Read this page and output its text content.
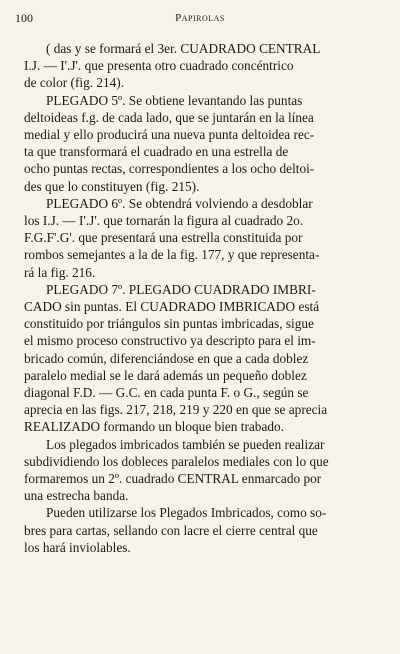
100	Papirolas
( das y se formará el 3er. CUADRADO CENTRAL
I.J. — I'.J'. que presenta otro cuadrado concéntrico
de color (fig. 214).
PLEGADO 5º. Se obtiene levantando las puntas
deltoideas f.g. de cada lado, que se juntarán en la línea
medial y ello producirá una nueva punta deltoidea rec-
ta que transformará el cuadrado en una estrella de
ocho puntas rectas, correspondientes a los ocho deltoi-
des que lo constituyen (fig. 215).
PLEGADO 6º. Se obtendrá volviendo a desdoblar
los I.J. — I'.J'. que tornarán la figura al cuadrado 2o.
F.G.F'.G'. que presentará una estrella constituida por
rombos semejantes a la de la fig. 177, y que representa-
rá la fig. 216.
PLEGADO 7º. PLEGADO CUADRADO IMBRI-
CADO sin puntas. El CUADRADO IMBRICADO está
constituido por triángulos sin puntas imbricadas, sigue
el mismo proceso constructivo ya descripto para el im-
bricado común, diferenciándose en que a cada doblez
paralelo medial se le dará además un pequeño doblez
diagonal F.D. — G.C. en cada punta F. o G., según se
aprecia en las figs. 217, 218, 219 y 220 en que se aprecia
REALIZADO formando un bloque bien trabado.
Los plegados imbricados también se pueden realizar
subdividiendo los dobleces paralelos mediales con lo que
formaremos un 2º. cuadrado CENTRAL enmarcado por
una estrecha banda.
Pueden utilizarse los Plegados Imbricados, como so-
bres para cartas, sellando con lacre el cierre central que
los hará inviolables.
